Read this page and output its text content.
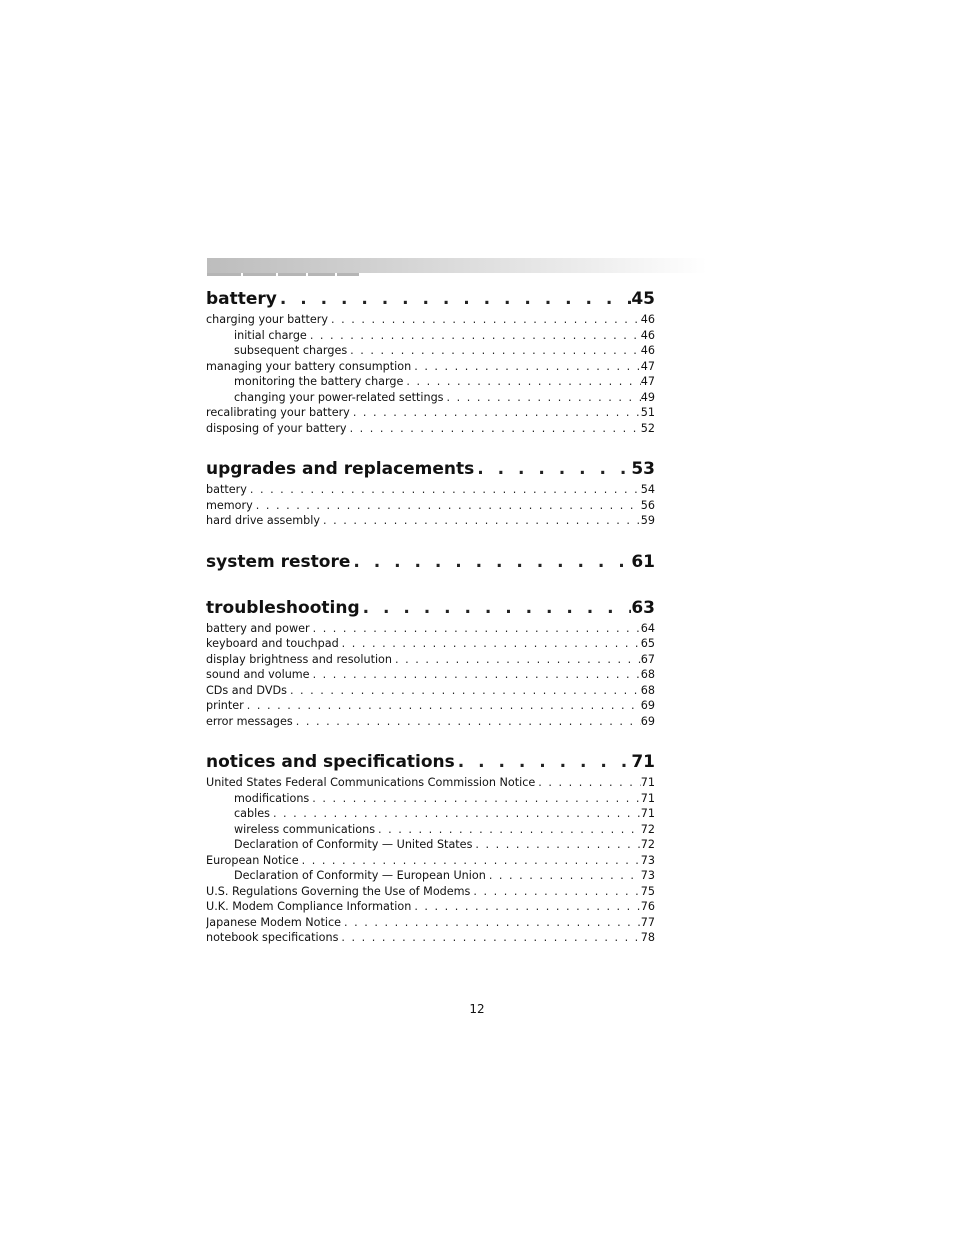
battery . . .	45
charging your battery . . .	46
initial charge . . .	46
subsequent charges . . .	46
managing your battery consumption . . .	47
monitoring the battery charge . . .	47
changing your power-related settings . . .	49
recalibrating your battery . . .	51
disposing of your battery . . .	52
upgrades and replacements . . .	53
battery . . .	54
memory . . .	56
hard drive assembly . . .	59
system restore . . .	61
troubleshooting . . .	63
battery and power . . .	64
keyboard and touchpad . . .	65
display brightness and resolution . . .	67
sound and volume . . .	68
CDs and DVDs . . .	68
printer . . .	69
error messages . . .	69
notices and specifications . . .	71
United States Federal Communications Commission Notice . . .	71
modifications . . .	71
cables . . .	71
wireless communications . . .	72
Declaration of Conformity — United States . . .	72
European Notice . . .	73
Declaration of Conformity — European Union . . .	73
U.S. Regulations Governing the Use of Modems . . .	75
U.K. Modem Compliance Information . . .	76
Japanese Modem Notice . . .	77
notebook specifications . . .	78
12
